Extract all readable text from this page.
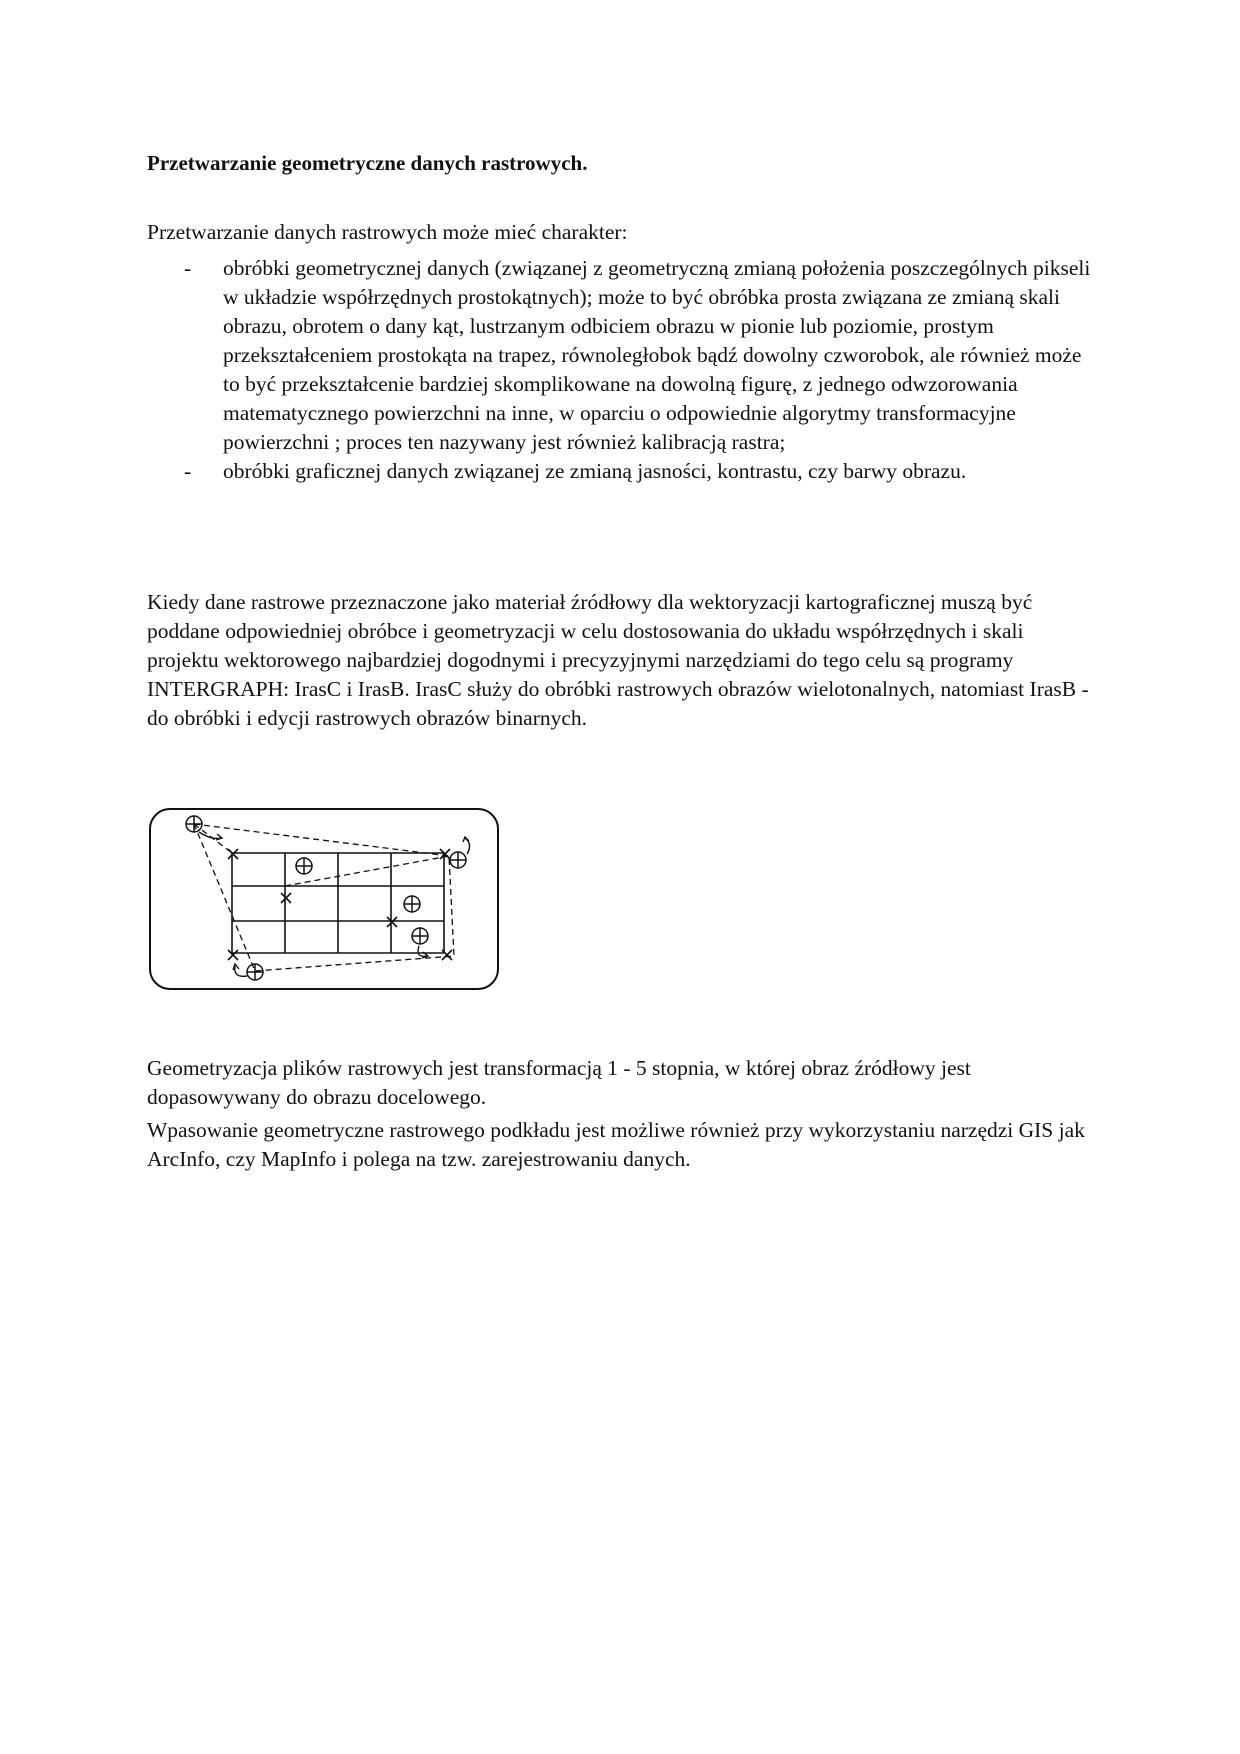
Przetwarzanie geometryczne danych rastrowych.

Przetwarzanie danych rastrowych może mieć charakter:

- obróbki geometrycznej danych (związanej z geometryczną zmianą położenia poszczególnych pikseli w układzie współrzędnych prostokątnych); może to być obróbka prosta związana ze zmianą skali obrazu, obrotem o dany kąt, lustrzanym odbiciem obrazu w pionie lub poziomie, prostym przekształceniem prostokąta na trapez, równoległobok bądź dowolny czworobok, ale również może to być przekształcenie bardziej skomplikowane na dowolną figurę, z jednego odwzorowania matematycznego powierzchni na inne, w oparciu o odpowiednie algorytmy transformacyjne powierzchni ; proces ten nazywany jest również kalibracją rastra;
- obróbki graficznej danych związanej ze zmianą jasności, kontrastu, czy barwy obrazu.

Kiedy dane rastrowe przeznaczone jako materiał źródłowy dla wektoryzacji kartograficznej muszą być poddane odpowiedniej obróbce i geometryzacji w celu dostosowania do układu współrzędnych i skali projektu wektorowego najbardziej dogodnymi i precyzyjnymi narzędziami do tego celu są programy INTERGRAPH: IrasC i IrasB. IrasC służy do obróbki rastrowych obrazów wielotonalnych, natomiast IrasB - do obróbki i edycji rastrowych obrazów binarnych.

Geometryzacja plików rastrowych jest transformacją 1 - 5 stopnia, w której obraz źródłowy jest dopasowywany do obrazu docelowego.

Wpasowanie geometryczne rastrowego podkładu jest możliwe również przy wykorzystaniu narzędzi GIS jak ArcInfo, czy MapInfo i polega na tzw. zarejestrowaniu danych.
